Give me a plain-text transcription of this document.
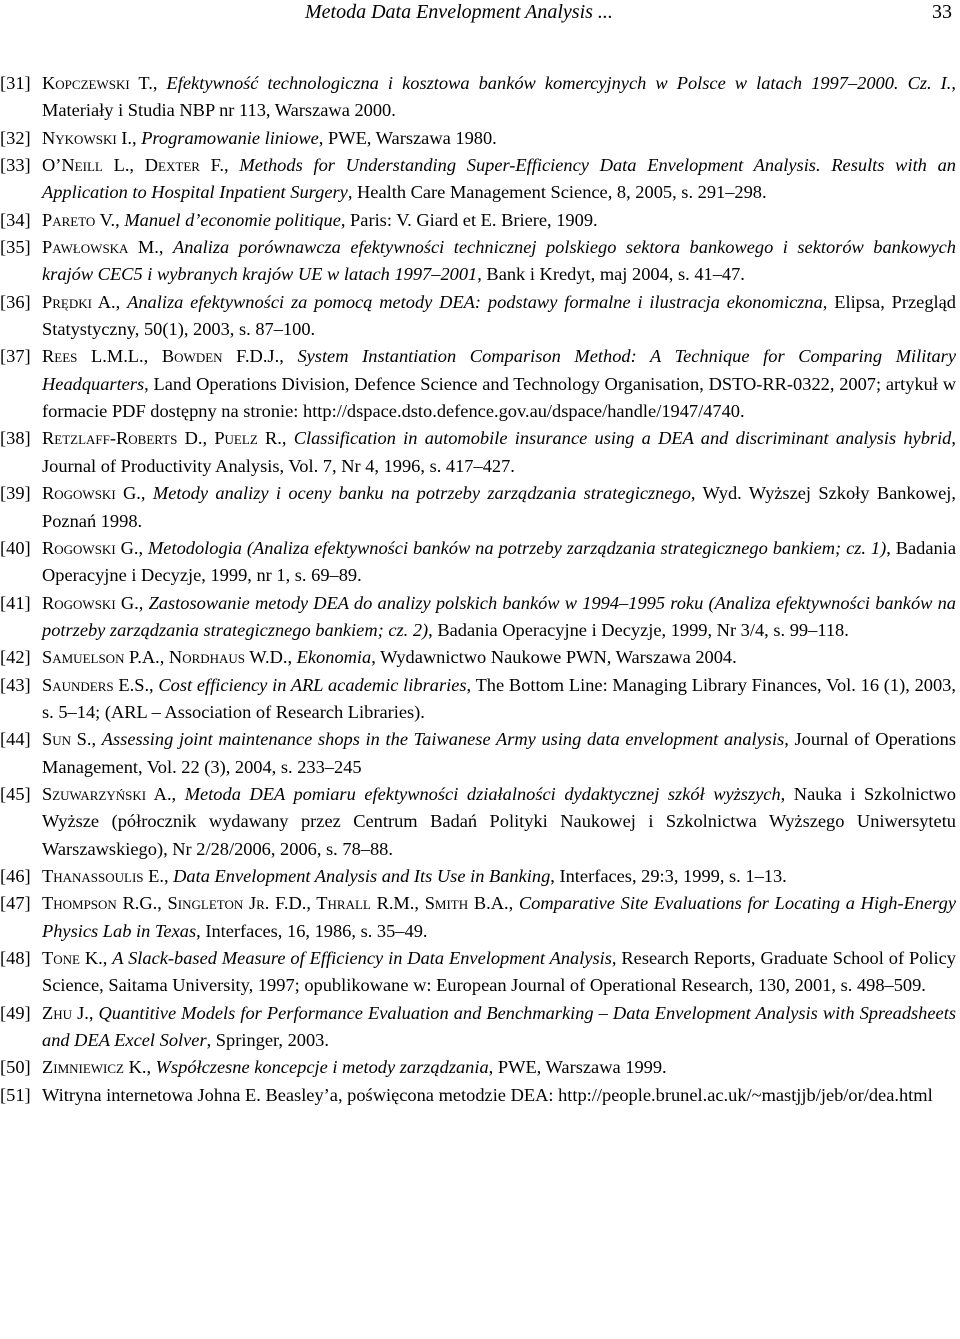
Metoda Data Envelopment Analysis ...	33

[31] Kopczewski T., Efektywność technologiczna i kosztowa banków komercyjnych w Polsce w latach 1997–2000. Cz. I., Materiały i Studia NBP nr 113, Warszawa 2000.

[32] Nykowski I., Programowanie liniowe, PWE, Warszawa 1980.

[33] O’Neill L., Dexter F., Methods for Understanding Super-Efficiency Data Envelopment Analysis. Results with an Application to Hospital Inpatient Surgery, Health Care Management Science, 8, 2005, s. 291–298.

[34] Pareto V., Manuel d’economie politique, Paris: V. Giard et E. Briere, 1909.

[35] Pawłowska M., Analiza porównawcza efektywności technicznej polskiego sektora bankowego i sektorów bankowych krajów CEC5 i wybranych krajów UE w latach 1997–2001, Bank i Kredyt, maj 2004, s. 41–47.

[36] Prędki A., Analiza efektywności za pomocą metody DEA: podstawy formalne i ilustracja ekonomiczna, Elipsa, Przegląd Statystyczny, 50(1), 2003, s. 87–100.

[37] Rees L.M.L., Bowden F.D.J., System Instantiation Comparison Method: A Technique for Comparing Military Headquarters, Land Operations Division, Defence Science and Technology Organisation, DSTO-RR-0322, 2007; artykuł w formacie PDF dostępny na stronie: http://dspace.dsto.defence.gov.au/dspace/handle/1947/4740.

[38] Retzlaff-Roberts D., Puelz R., Classification in automobile insurance using a DEA and discriminant analysis hybrid, Journal of Productivity Analysis, Vol. 7, Nr 4, 1996, s. 417–427.

[39] Rogowski G., Metody analizy i oceny banku na potrzeby zarządzania strategicznego, Wyd. Wyższej Szkoły Bankowej, Poznań 1998.

[40] Rogowski G., Metodologia (Analiza efektywności banków na potrzeby zarządzania strategicznego bankiem; cz. 1), Badania Operacyjne i Decyzje, 1999, nr 1, s. 69–89.

[41] Rogowski G., Zastosowanie metody DEA do analizy polskich banków w 1994–1995 roku (Analiza efektywności banków na potrzeby zarządzania strategicznego bankiem; cz. 2), Badania Operacyjne i Decyzje, 1999, Nr 3/4, s. 99–118.

[42] Samuelson P.A., Nordhaus W.D., Ekonomia, Wydawnictwo Naukowe PWN, Warszawa 2004.

[43] Saunders E.S., Cost efficiency in ARL academic libraries, The Bottom Line: Managing Library Finances, Vol. 16 (1), 2003, s. 5–14; (ARL – Association of Research Libraries).

[44] Sun S., Assessing joint maintenance shops in the Taiwanese Army using data envelopment analysis, Journal of Operations Management, Vol. 22 (3), 2004, s. 233–245

[45] Szuwarzyński A., Metoda DEA pomiaru efektywności działalności dydaktycznej szkół wyższych, Nauka i Szkolnictwo Wyższe (półrocznik wydawany przez Centrum Badań Polityki Naukowej i Szkolnictwa Wyższego Uniwersytetu Warszawskiego), Nr 2/28/2006, 2006, s. 78–88.

[46] Thanassoulis E., Data Envelopment Analysis and Its Use in Banking, Interfaces, 29:3, 1999, s. 1–13.

[47] Thompson R.G., Singleton Jr. F.D., Thrall R.M., Smith B.A., Comparative Site Evaluations for Locating a High-Energy Physics Lab in Texas, Interfaces, 16, 1986, s. 35–49.

[48] Tone K., A Slack-based Measure of Efficiency in Data Envelopment Analysis, Research Reports, Graduate School of Policy Science, Saitama University, 1997; opublikowane w: European Journal of Operational Research, 130, 2001, s. 498–509.

[49] Zhu J., Quantitive Models for Performance Evaluation and Benchmarking – Data Envelopment Analysis with Spreadsheets and DEA Excel Solver, Springer, 2003.

[50] Zimniewicz K., Współczesne koncepcje i metody zarządzania, PWE, Warszawa 1999.

[51] Witryna internetowa Johna E. Beasley’a, poświęcona metodzie DEA: http://people.brunel.ac.uk/~mastjjb/jeb/or/dea.html
